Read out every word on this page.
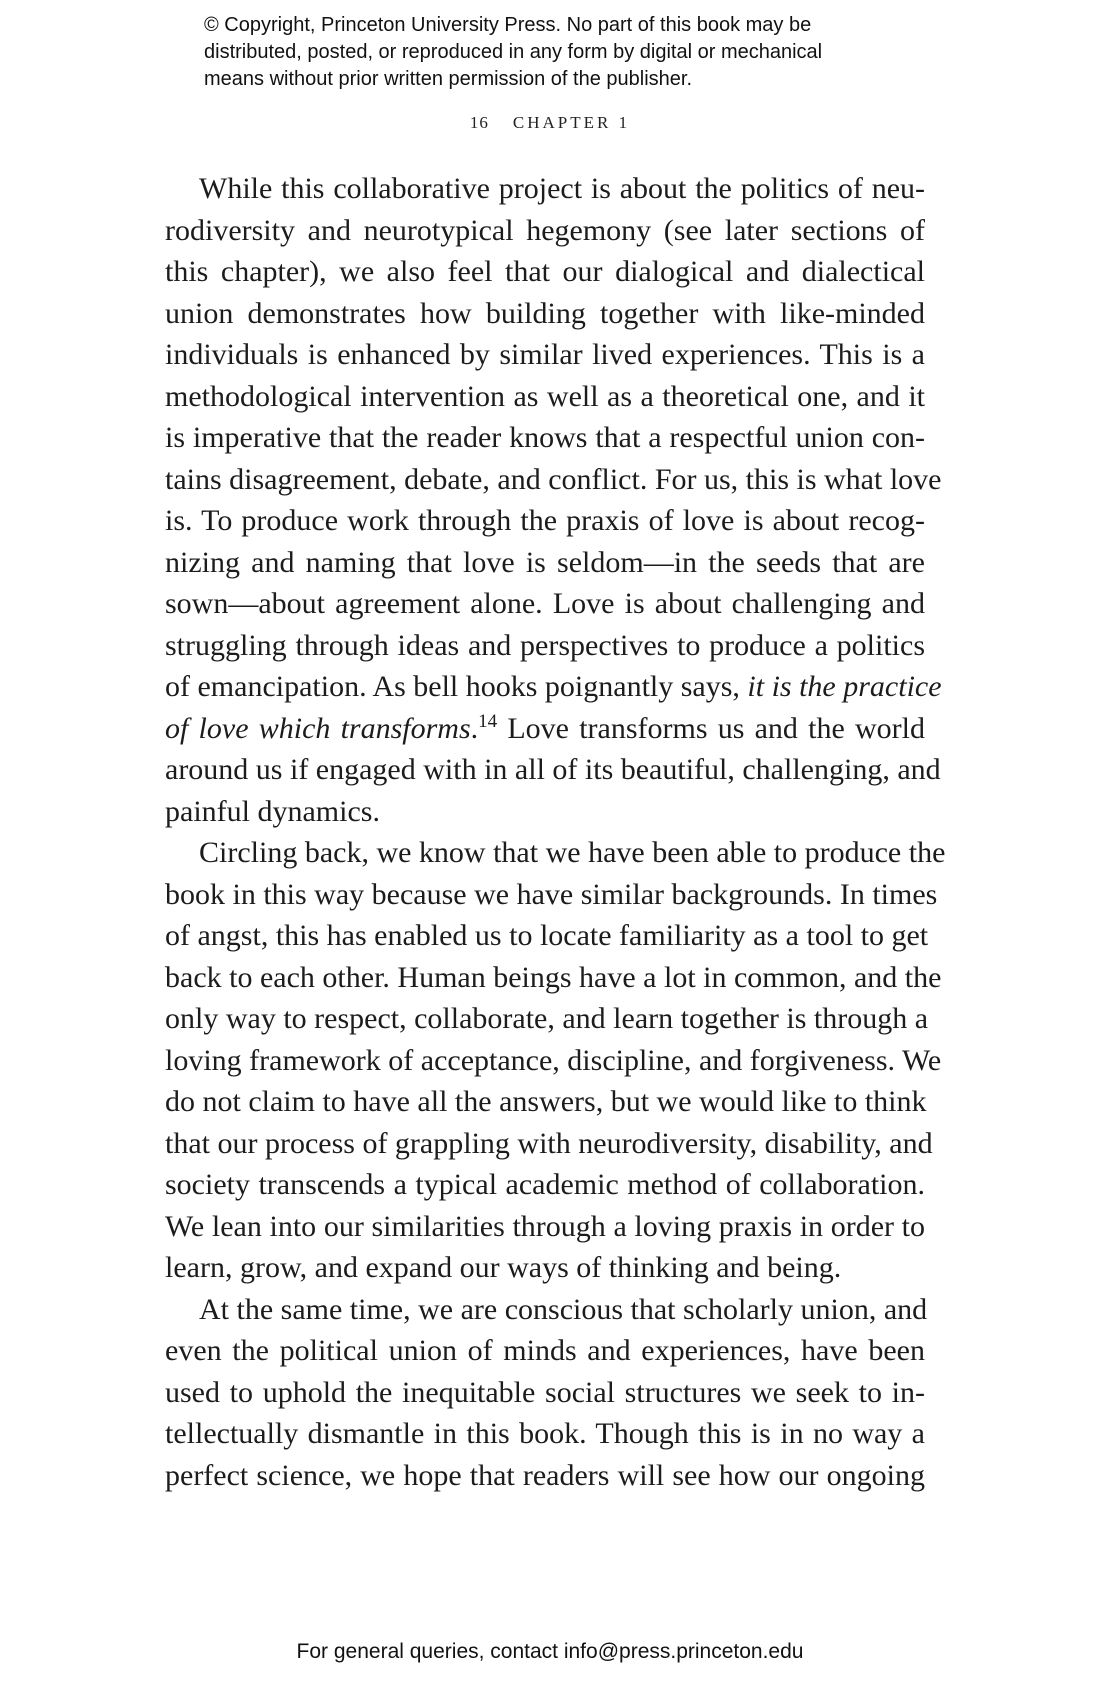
© Copyright, Princeton University Press. No part of this book may be
distributed, posted, or reproduced in any form by digital or mechanical
means without prior written permission of the publisher.
16 CHAPTER 1
While this collaborative project is about the politics of neu-
rodiversity and neurotypical hegemony (see later sections of
this chapter), we also feel that our dialogical and dialectical
union demonstrates how building together with like-minded
individuals is enhanced by similar lived experiences. This is a
methodological intervention as well as a theoretical one, and it
is imperative that the reader knows that a respectful union con-
tains disagreement, debate, and conflict. For us, this is what love
is. To produce work through the praxis of love is about recog-
nizing and naming that love is seldom—in the seeds that are
sown—about agreement alone. Love is about challenging and
struggling through ideas and perspectives to produce a politics
of emancipation. As bell hooks poignantly says, it is the practice
of love which transforms.$^{14}$ Love transforms us and the world
around us if engaged with in all of its beautiful, challenging, and
painful dynamics.
Circling back, we know that we have been able to produce the
book in this way because we have similar backgrounds. In times
of angst, this has enabled us to locate familiarity as a tool to get
back to each other. Human beings have a lot in common, and the
only way to respect, collaborate, and learn together is through a
loving framework of acceptance, discipline, and forgiveness. We
do not claim to have all the answers, but we would like to think
that our process of grappling with neurodiversity, disability, and
society transcends a typical academic method of collaboration.
We lean into our similarities through a loving praxis in order to
learn, grow, and expand our ways of thinking and being.
At the same time, we are conscious that scholarly union, and
even the political union of minds and experiences, have been
used to uphold the inequitable social structures we seek to in-
tellectually dismantle in this book. Though this is in no way a
perfect science, we hope that readers will see how our ongoing
For general queries, contact info@press.princeton.edu
